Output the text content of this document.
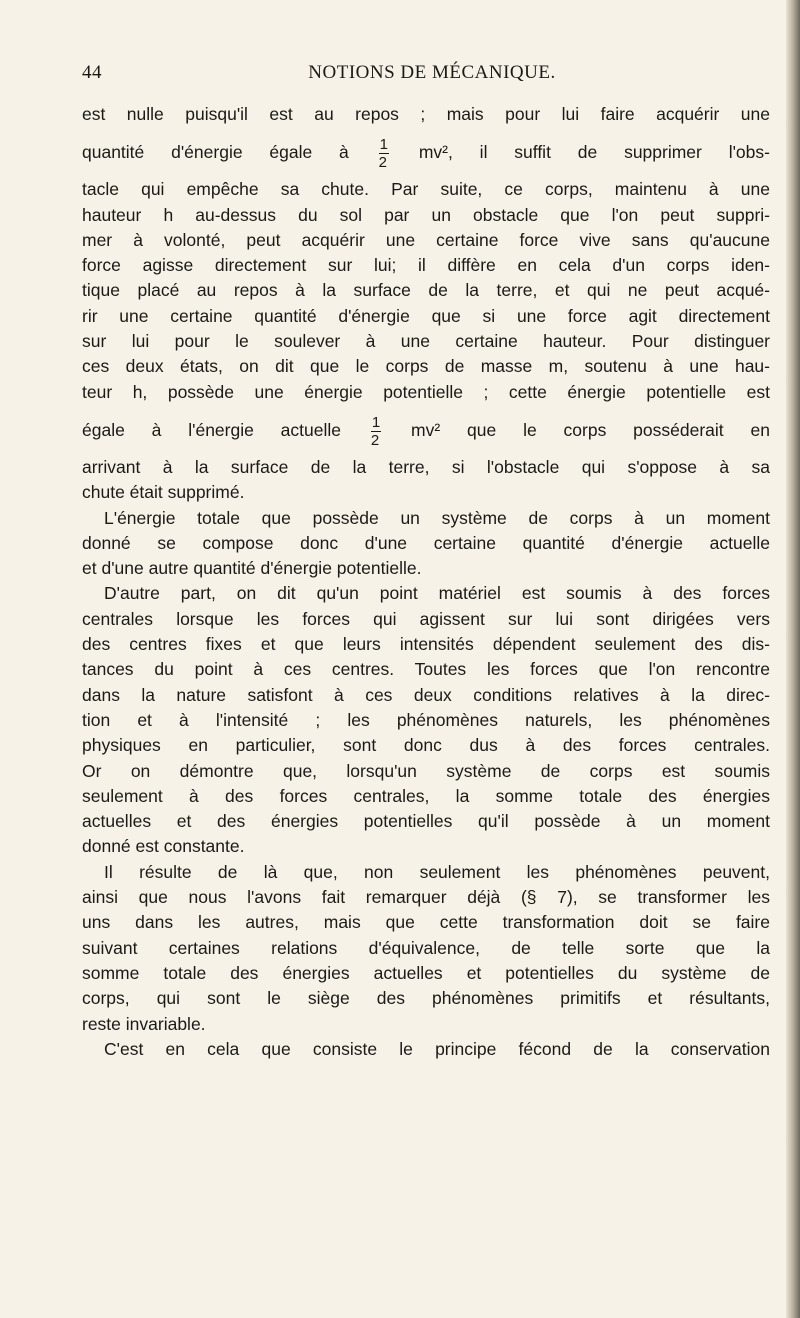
44	NOTIONS DE MÉCANIQUE.
est nulle puisqu'il est au repos ; mais pour lui faire acquérir une
quantité d'énergie égale à $\frac{1}{2} mv^2$, il suffit de supprimer l'obs-
tacle qui empêche sa chute. Par suite, ce corps, maintenu à une
hauteur h au-dessus du sol par un obstacle que l'on peut suppri-
mer à volonté, peut acquérir une certaine force vive sans qu'aucune
force agisse directement sur lui; il diffère en cela d'un corps iden-
tique placé au repos à la surface de la terre, et qui ne peut acqué-
rir une certaine quantité d'énergie que si une force agit directement
sur lui pour le soulever à une certaine hauteur. Pour distinguer
ces deux états, on dit que le corps de masse m, soutenu à une hau-
teur h, possède une énergie potentielle ; cette énergie potentielle est
égale à l'énergie actuelle $\frac{1}{2} mv^2$ que le corps posséderait en
arrivant à la surface de la terre, si l'obstacle qui s'oppose à sa
chute était supprimé.
L'énergie totale que possède un système de corps à un moment
donné se compose donc d'une certaine quantité d'énergie actuelle
et d'une autre quantité d'énergie potentielle.
D'autre part, on dit qu'un point matériel est soumis à des forces
centrales lorsque les forces qui agissent sur lui sont dirigées vers
des centres fixes et que leurs intensités dépendent seulement des dis-
tances du point à ces centres. Toutes les forces que l'on rencontre
dans la nature satisfont à ces deux conditions relatives à la direc-
tion et à l'intensité ; les phénomènes naturels, les phénomènes
physiques en particulier, sont donc dus à des forces centrales.
Or on démontre que, lorsqu'un système de corps est soumis
seulement à des forces centrales, la somme totale des énergies
actuelles et des énergies potentielles qu'il possède à un moment
donné est constante.
Il résulte de là que, non seulement les phénomènes peuvent,
ainsi que nous l'avons fait remarquer déjà (§ 7), se transformer les
uns dans les autres, mais que cette transformation doit se faire
suivant certaines relations d'équivalence, de telle sorte que la
somme totale des énergies actuelles et potentielles du système de
corps, qui sont le siège des phénomènes primitifs et résultants,
reste invariable.
C'est en cela que consiste le principe fécond de la conservation
